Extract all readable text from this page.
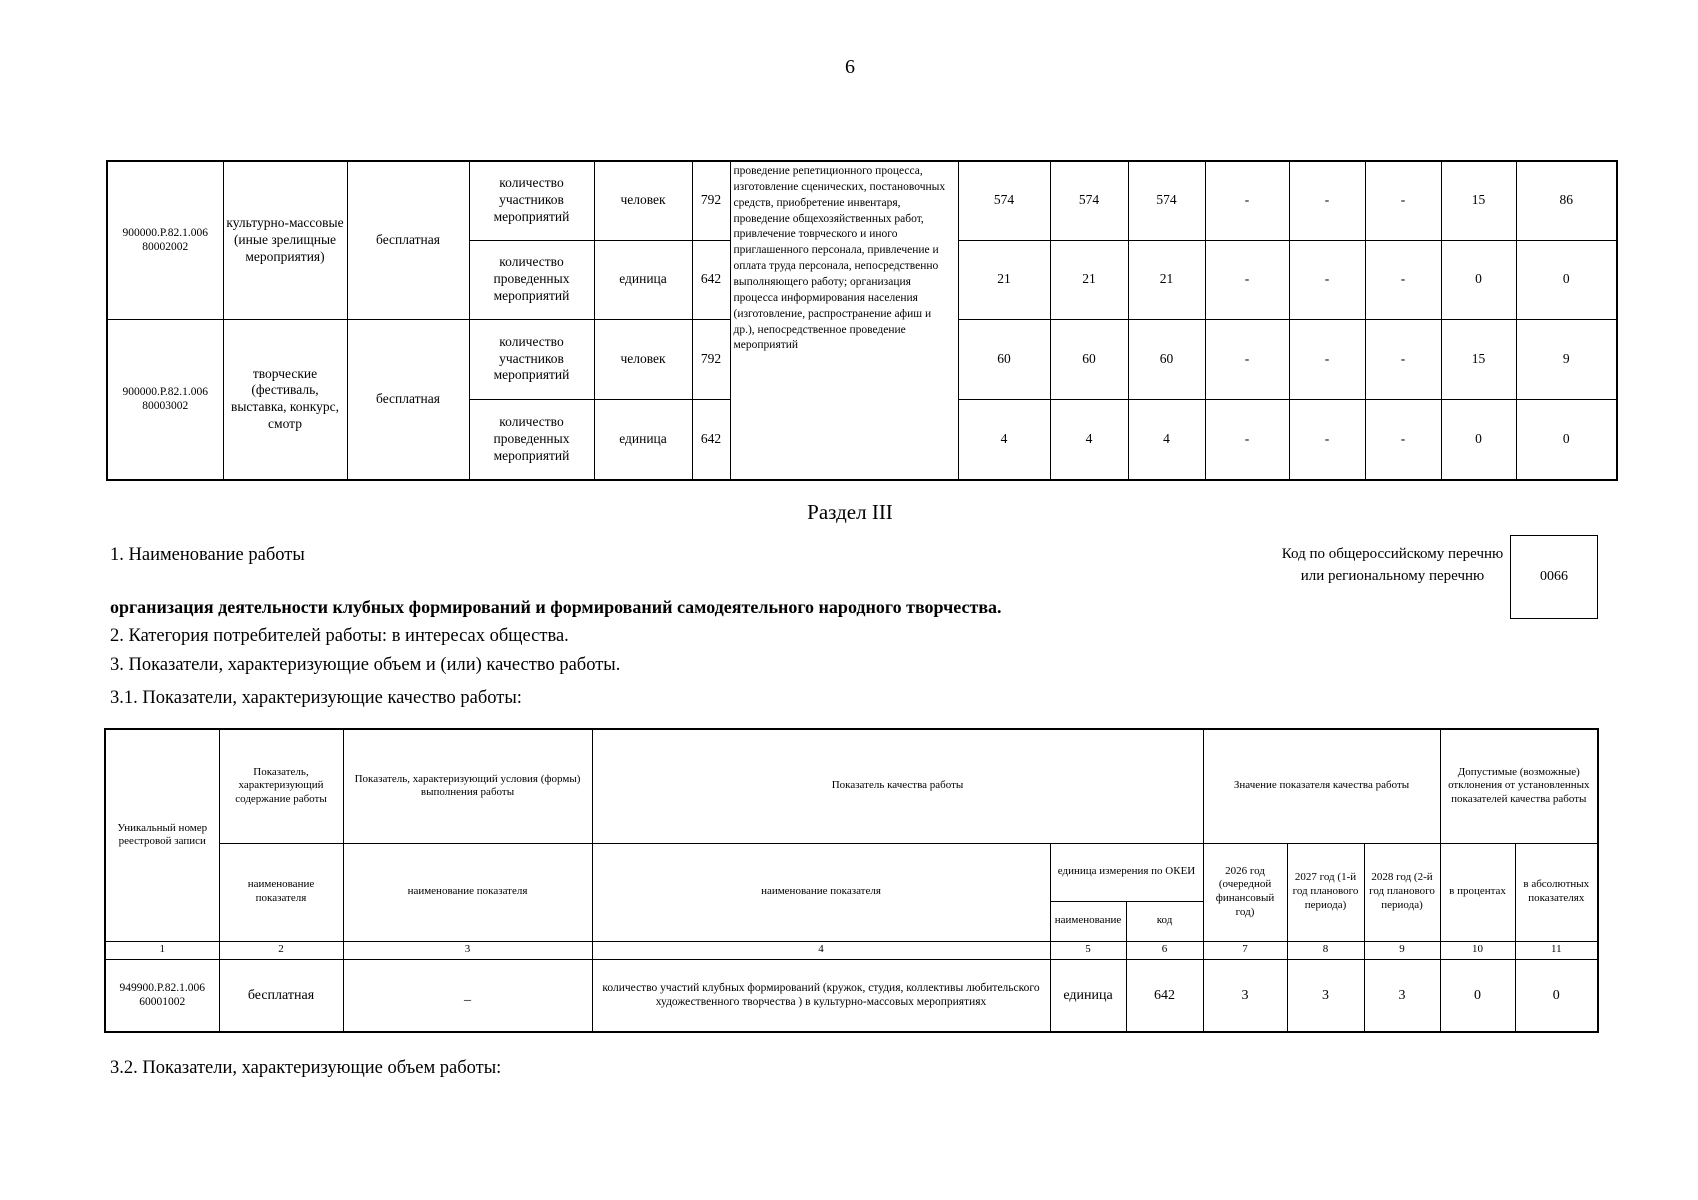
6
900000.Р.82.1.006 80002002	культурно-массовые (иные зрелищные мероприятия)	бесплатная	количество участников мероприятий	человек	792	проведение репетиционного процесса, изготовление сценических, постановочных средств, приобретение инвентаря, проведение общехозяйственных работ, привлечение товрческого и иного приглашенного персонала, привлечение и оплата труда персонала, непосредственно выполняющего работу; организация процесса информирования населения (изготовление, распространение афиш и др.), непосредственное проведение мероприятий	574	574	574	-	-	-	15	86
			количество проведенных мероприятий	единица	642		21	21	21	-	-	-	0	0
900000.Р.82.1.006 80003002	творческие (фестиваль, выставка, конкурс, смотр	бесплатная	количество участников мероприятий	человек	792		60	60	60	-	-	-	15	9
			количество проведенных мероприятий	единица	642		4	4	4	-	-	-	0	0
Раздел III
1. Наименование работы	Код по общероссийскому перечню или региональному перечню	0066
организация деятельности клубных формирований и формирований самодеятельного народного творчества.
2. Категория потребителей работы: в интересах общества.
3. Показатели, характеризующие объем и (или) качество работы.
3.1. Показатели, характеризующие качество работы:
Уникальный номер реестровой записи	Показатель, характеризующий содержание работы	Показатель, характеризующий условия (формы) выполнения работы	Показатель качества работы			Значение показателя качества работы			Допустимые (возможные) отклонения от установленных показателей качества работы	
	наименование показателя	наименование показателя	наименование показателя	единица измерения по ОКЕИ		2026 год (очередной финансовый год)	2027 год (1-й год планового периода)	2028 год (2-й год планового периода)	в процентах	в абсолютных показателях
				наименование	код					
1	2	3	4	5	6	7	8	9	10	11
949900.Р.82.1.006 60001002	бесплатная	_	количество участий клубных формирований (кружок, студия, коллективы любительского художественного творчества ) в культурно-массовых мероприятиях	единица	642	3	3	3	0	0
3.2. Показатели, характеризующие объем работы:
